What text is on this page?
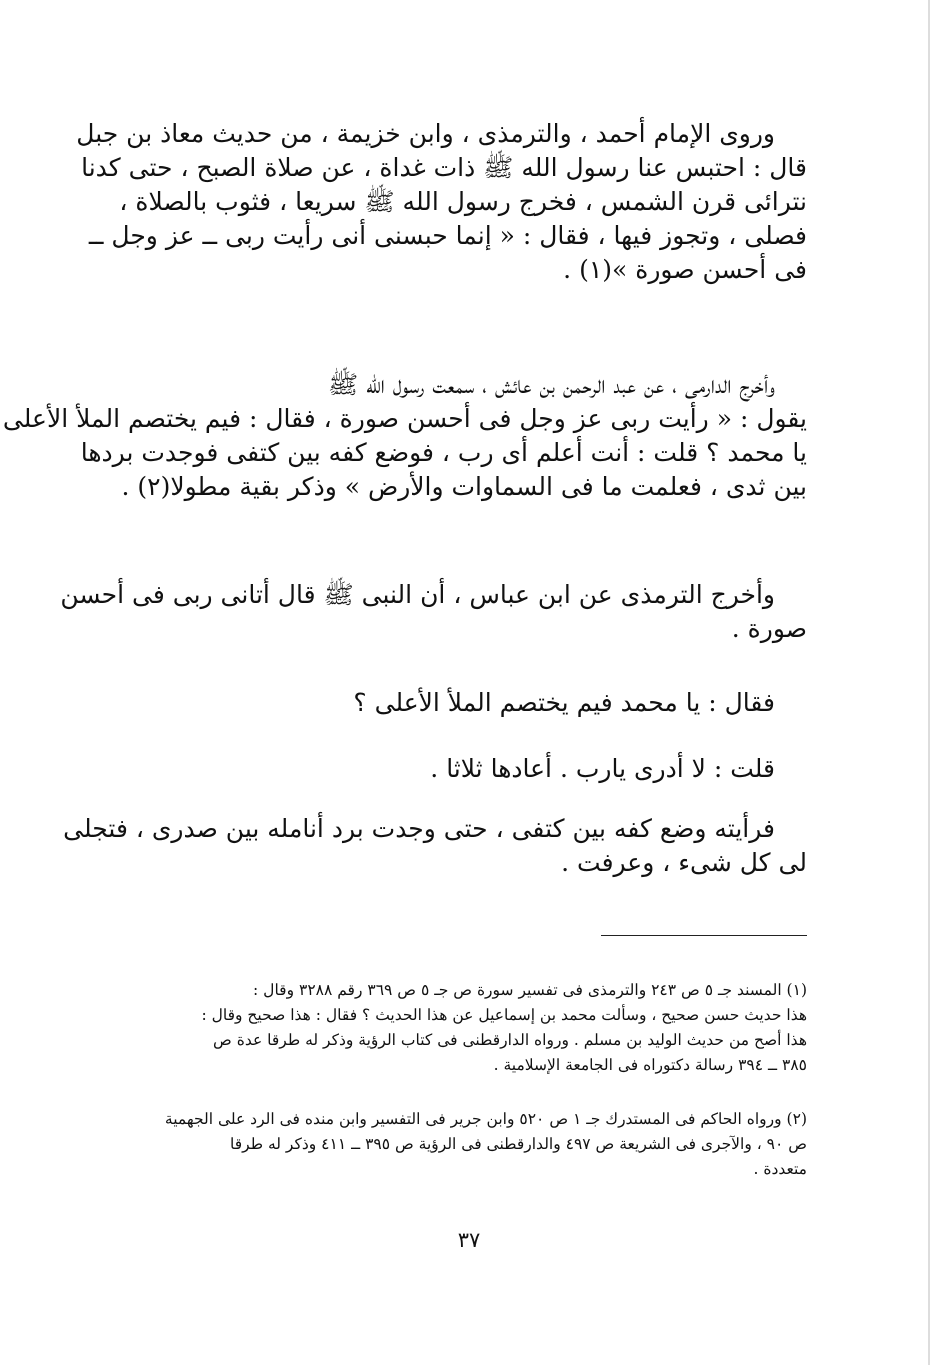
وروى الإمام أحمد ، والترمذى ، وابن خزيمة ، من حديث معاذ بن جبل
قال : احتبس عنا رسول الله ﷺ ذات غداة ، عن صلاة الصبح ، حتى كدنا
نترائى قرن الشمس ، فخرج رسول الله ﷺ سريعا ، فثوب بالصلاة ،
فصلى ، وتجوز فيها ، فقال : « إنما حبسنى أنى رأيت ربى ــ عز وجل ــ
فى أحسن صورة »(١) .
وأخرج الدارمى ، عن عبد الرحمن بن عائش ، سمعت رسول الله ﷺ
يقول : « رأيت ربى عز وجل فى أحسن صورة ، فقال : فيم يختصم الملأ الأعلى
يا محمد ؟ قلت : أنت أعلم أى رب ، فوضع كفه بين كتفى فوجدت بردها
بين ثدى ، فعلمت ما فى السماوات والأرض » وذكر بقية مطولا(٢) .
وأخرج الترمذى عن ابن عباس ، أن النبى ﷺ قال أتانى ربى فى أحسن
صورة .
فقال : يا محمد فيم يختصم الملأ الأعلى ؟
قلت : لا أدرى يارب . أعادها ثلاثا .
فرأيته وضع كفه بين كتفى ، حتى وجدت برد أنامله بين صدرى ، فتجلى
لى كل شىء ، وعرفت .
(١) المسند جـ ٥ ص ٢٤٣ والترمذى فى تفسير سورة ص جـ ٥ ص ٣٦٩ رقم ٣٢٨٨ وقال :
هذا حديث حسن صحيح ، وسألت محمد بن إسماعيل عن هذا الحديث ؟ فقال : هذا صحيح وقال :
هذا أصح من حديث الوليد بن مسلم . ورواه الدارقطنى فى كتاب الرؤية وذكر له طرقا عدة ص
٣٨٥ ــ ٣٩٤ رسالة دكتوراه فى الجامعة الإسلامية .
(٢) ورواه الحاكم فى المستدرك جـ ١ ص ٥٢٠ وابن جرير فى التفسير وابن منده فى الرد على الجهمية
ص ٩٠ ، والآجرى فى الشريعة ص ٤٩٧ والدارقطنى فى الرؤية ص ٣٩٥ ــ ٤١١ وذكر له طرقا
متعددة .
٣٧
